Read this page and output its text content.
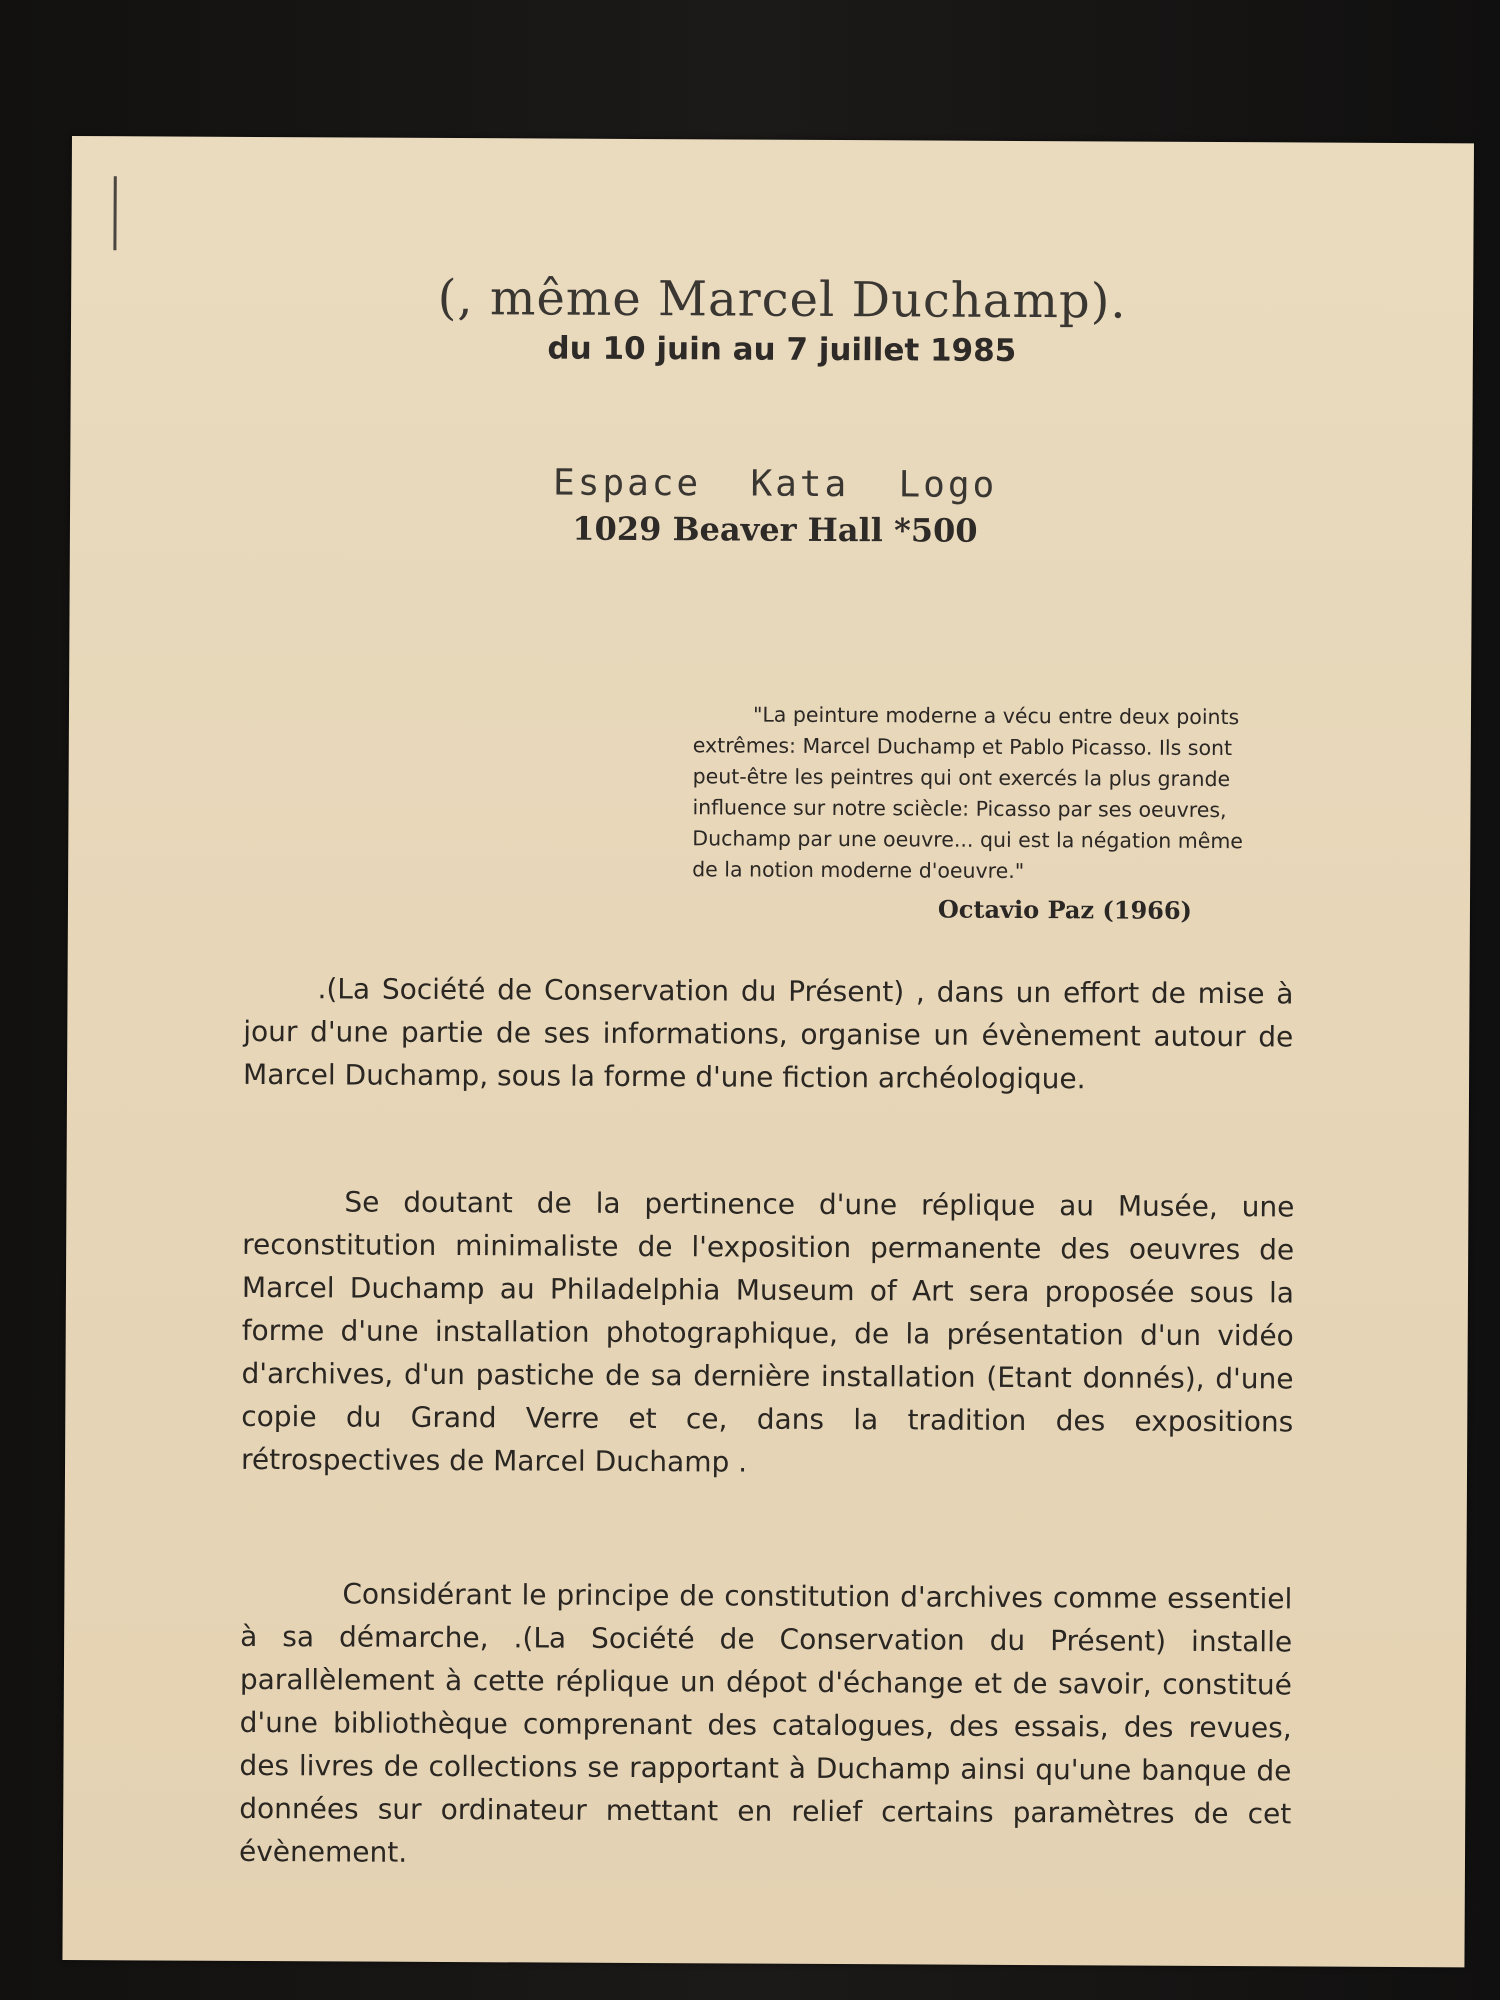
(, même Marcel Duchamp).
du 10 juin au 7 juillet 1985
Espace  Kata  Logo
1029 Beaver Hall *500

"La peinture moderne a vécu entre deux points extrêmes: Marcel Duchamp et Pablo Picasso. Ils sont peut-être les peintres qui ont exercés la plus grande influence sur notre sciècle: Picasso par ses oeuvres, Duchamp par une oeuvre... qui est la négation même de la notion moderne d'oeuvre."

Octavio Paz (1966)

.(La Société de Conservation du Présent) , dans un effort de mise à jour d'une partie de ses informations, organise un évènement autour de Marcel Duchamp, sous la forme d'une fiction archéologique.

Se doutant de la pertinence d'une réplique au Musée, une reconstitution minimaliste de l'exposition permanente des oeuvres de Marcel Duchamp au Philadelphia Museum of Art sera proposée sous la forme d'une installation photographique, de la présentation d'un vidéo d'archives, d'un pastiche de sa dernière installation (Etant donnés), d'une copie du Grand Verre et ce, dans la tradition des expositions rétrospectives de Marcel Duchamp .

Considérant le principe de constitution d'archives comme essentiel à sa démarche, .(La Société de Conservation du Présent) installe parallèlement à cette réplique un dépot d'échange et de savoir, constitué d'une bibliothèque comprenant des catalogues, des essais, des revues, des livres de collections se rapportant à Duchamp ainsi qu'une banque de données sur ordinateur mettant en relief certains paramètres de cet évènement.
